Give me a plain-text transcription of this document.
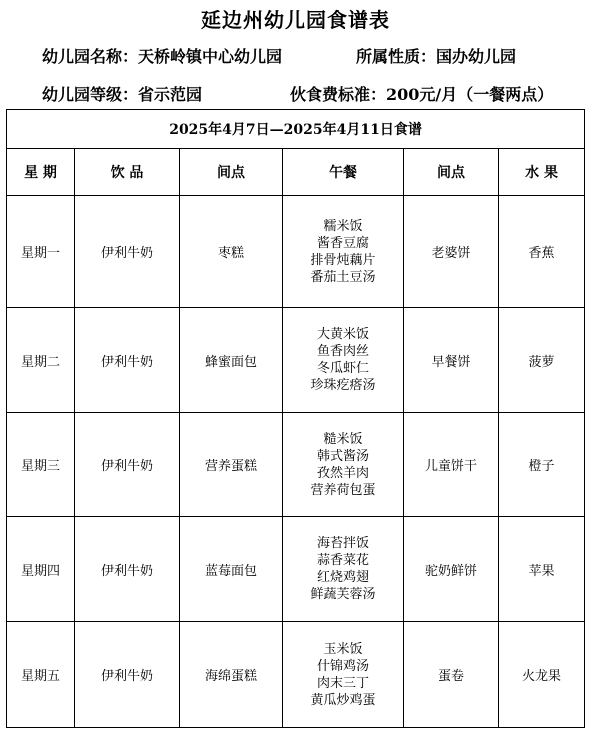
延边州幼儿园食谱表
幼儿园名称：天桥岭镇中心幼儿园	所属性质：国办幼儿园
幼儿园等级：省示范园	伙食费标准：200元/月（一餐两点）
2025年4月7日—2025年4月11日食谱					
星 期	饮 品	间点	午餐	间点	水 果
星期一	伊利牛奶	枣糕	糯米饭
酱香豆腐
排骨炖藕片
番茄土豆汤	老婆饼	香蕉
星期二	伊利牛奶	蜂蜜面包	大黄米饭
鱼香肉丝
冬瓜虾仁
珍珠疙瘩汤	早餐饼	菠萝
星期三	伊利牛奶	营养蛋糕	糙米饭
韩式酱汤
孜然羊肉
营养荷包蛋	儿童饼干	橙子
星期四	伊利牛奶	蓝莓面包	海苔拌饭
蒜香菜花
红烧鸡翅
鲜蔬芙蓉汤	驼奶鲜饼	苹果
星期五	伊利牛奶	海绵蛋糕	玉米饭
什锦鸡汤
肉末三丁
黄瓜炒鸡蛋	蛋卷	火龙果
